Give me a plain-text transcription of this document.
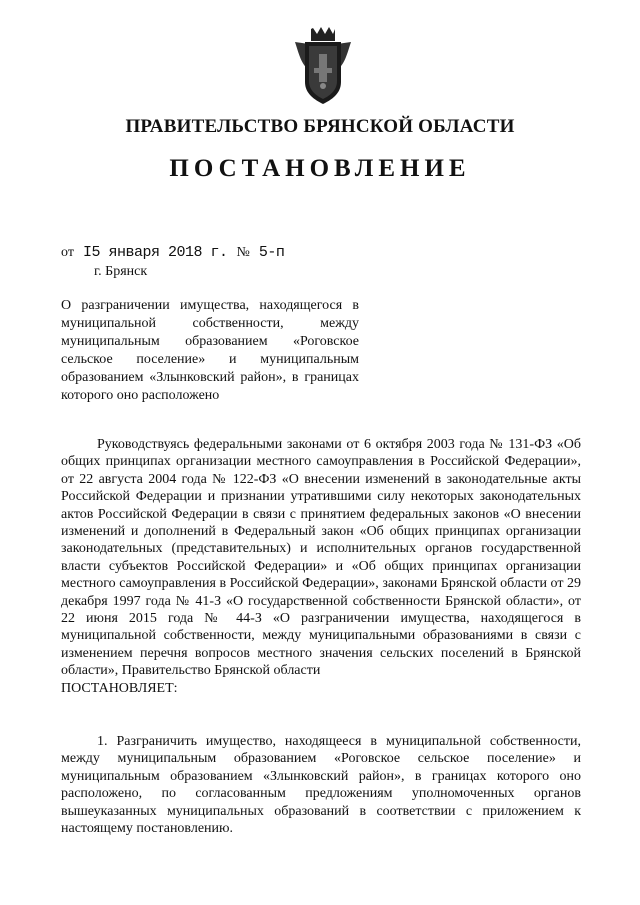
ПРАВИТЕЛЬСТВО БРЯНСКОЙ ОБЛАСТИ
ПОСТАНОВЛЕНИЕ
от I5 января 2018 г. № 5-п
г. Брянск
О разграничении имущества, находящегося в муниципальной собственности, между муниципальным образованием «Роговское сельское поселение» и муниципальным образованием «Злынковский район», в границах которого оно расположено

Руководствуясь федеральными законами от 6 октября 2003 года № 131-ФЗ «Об общих принципах организации местного самоуправления в Российской Федерации», от 22 августа 2004 года № 122-ФЗ «О внесении изменений в законодательные акты Российской Федерации и признании утратившими силу некоторых законодательных актов Российской Федерации в связи с принятием федеральных законов «О внесении изменений и дополнений в Федеральный закон «Об общих принципах организации законодательных (представительных) и исполнительных органов государственной власти субъектов Российской Федерации» и «Об общих принципах организации местного самоуправления в Российской Федерации», законами Брянской области от 29 декабря 1997 года № 41-З «О государственной собственности Брянской области», от 22 июня 2015 года № 44-З «О разграничении имущества, находящегося в муниципальной собственности, между муниципальными образованиями в связи с изменением перечня вопросов местного значения сельских поселений в Брянской области», Правительство Брянской области

ПОСТАНОВЛЯЕТ:

1. Разграничить имущество, находящееся в муниципальной собственности, между муниципальным образованием «Роговское сельское поселение» и муниципальным образованием «Злынковский район», в границах которого оно расположено, по согласованным предложениям уполномоченных органов вышеуказанных муниципальных образований в соответствии с приложением к настоящему постановлению.
